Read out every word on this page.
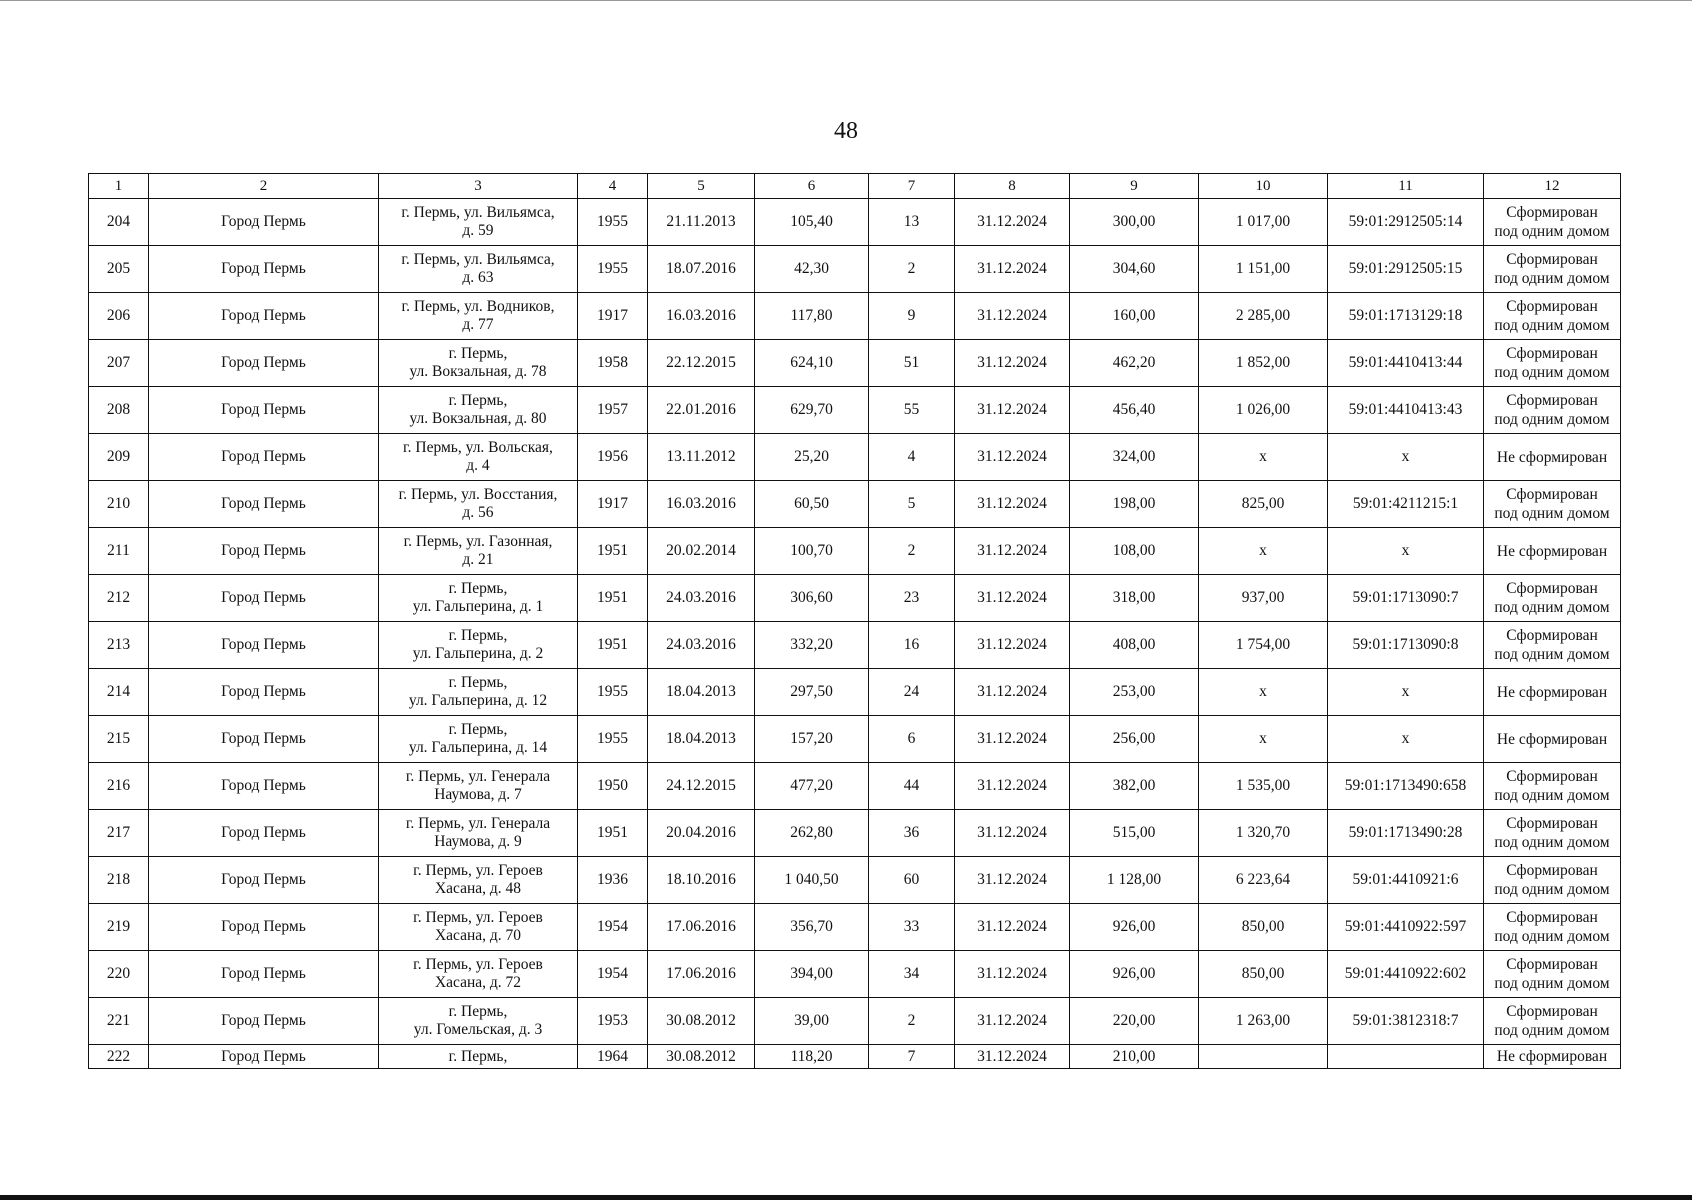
48
1	2	3	4	5	6	7	8	9	10	11	12
204	Город Пермь	г. Пермь, ул. Вильямса,
д. 59	1955	21.11.2013	105,40	13	31.12.2024	300,00	1 017,00	59:01:2912505:14	Сформирован
под одним домом
205	Город Пермь	г. Пермь, ул. Вильямса,
д. 63	1955	18.07.2016	42,30	2	31.12.2024	304,60	1 151,00	59:01:2912505:15	Сформирован
под одним домом
206	Город Пермь	г. Пермь, ул. Водников,
д. 77	1917	16.03.2016	117,80	9	31.12.2024	160,00	2 285,00	59:01:1713129:18	Сформирован
под одним домом
207	Город Пермь	г. Пермь,
ул. Вокзальная, д. 78	1958	22.12.2015	624,10	51	31.12.2024	462,20	1 852,00	59:01:4410413:44	Сформирован
под одним домом
208	Город Пермь	г. Пермь,
ул. Вокзальная, д. 80	1957	22.01.2016	629,70	55	31.12.2024	456,40	1 026,00	59:01:4410413:43	Сформирован
под одним домом
209	Город Пермь	г. Пермь, ул. Вольская,
д. 4	1956	13.11.2012	25,20	4	31.12.2024	324,00	x	x	Не сформирован
210	Город Пермь	г. Пермь, ул. Восстания,
д. 56	1917	16.03.2016	60,50	5	31.12.2024	198,00	825,00	59:01:4211215:1	Сформирован
под одним домом
211	Город Пермь	г. Пермь, ул. Газонная,
д. 21	1951	20.02.2014	100,70	2	31.12.2024	108,00	x	x	Не сформирован
212	Город Пермь	г. Пермь,
ул. Гальперина, д. 1	1951	24.03.2016	306,60	23	31.12.2024	318,00	937,00	59:01:1713090:7	Сформирован
под одним домом
213	Город Пермь	г. Пермь,
ул. Гальперина, д. 2	1951	24.03.2016	332,20	16	31.12.2024	408,00	1 754,00	59:01:1713090:8	Сформирован
под одним домом
214	Город Пермь	г. Пермь,
ул. Гальперина, д. 12	1955	18.04.2013	297,50	24	31.12.2024	253,00	x	x	Не сформирован
215	Город Пермь	г. Пермь,
ул. Гальперина, д. 14	1955	18.04.2013	157,20	6	31.12.2024	256,00	x	x	Не сформирован
216	Город Пермь	г. Пермь, ул. Генерала
Наумова, д. 7	1950	24.12.2015	477,20	44	31.12.2024	382,00	1 535,00	59:01:1713490:658	Сформирован
под одним домом
217	Город Пермь	г. Пермь, ул. Генерала
Наумова, д. 9	1951	20.04.2016	262,80	36	31.12.2024	515,00	1 320,70	59:01:1713490:28	Сформирован
под одним домом
218	Город Пермь	г. Пермь, ул. Героев
Хасана, д. 48	1936	18.10.2016	1 040,50	60	31.12.2024	1 128,00	6 223,64	59:01:4410921:6	Сформирован
под одним домом
219	Город Пермь	г. Пермь, ул. Героев
Хасана, д. 70	1954	17.06.2016	356,70	33	31.12.2024	926,00	850,00	59:01:4410922:597	Сформирован
под одним домом
220	Город Пермь	г. Пермь, ул. Героев
Хасана, д. 72	1954	17.06.2016	394,00	34	31.12.2024	926,00	850,00	59:01:4410922:602	Сформирован
под одним домом
221	Город Пермь	г. Пермь,
ул. Гомельская, д. 3	1953	30.08.2012	39,00	2	31.12.2024	220,00	1 263,00	59:01:3812318:7	Сформирован
под одним домом
222	Город Пермь	г. Пермь,	1964	30.08.2012	118,20	7	31.12.2024	210,00			Не сформирован
